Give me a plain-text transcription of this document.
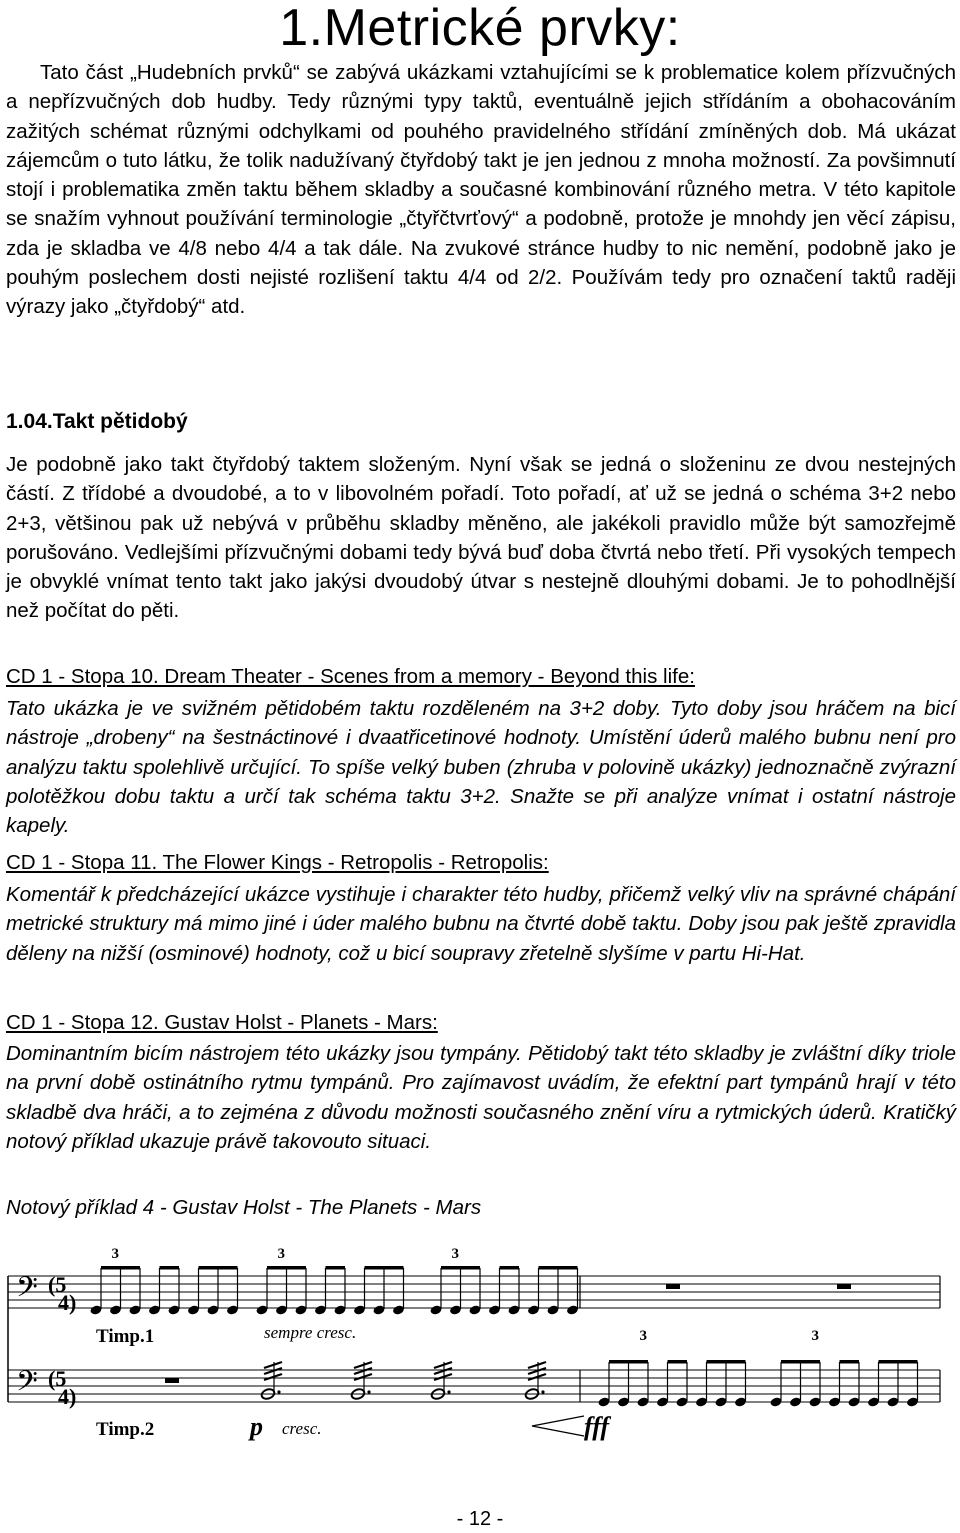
1.Metrické prvky:

Tato část „Hudebních prvků“ se zabývá ukázkami vztahujícími se k problematice kolem přízvučných a nepřízvučných dob hudby. Tedy různými typy taktů, eventuálně jejich střídáním a obohacováním zažitých schémat různými odchylkami od pouhého pravidelného střídání zmíněných dob. Má ukázat zájemcům o tuto látku, že tolik nadužívaný čtyřdobý takt je jen jednou z mnoha možností. Za povšimnutí stojí i problematika změn taktu během skladby a současné kombinování různého metra. V této kapitole se snažím vyhnout používání terminologie „čtyřčtvrťový“ a podobně, protože je mnohdy jen věcí zápisu, zda je skladba ve 4/8 nebo 4/4 a tak dále. Na zvukové stránce hudby to nic nemění, podobně jako je pouhým poslechem dosti nejisté rozlišení taktu 4/4 od 2/2. Používám tedy pro označení taktů raději výrazy jako „čtyřdobý“ atd.

1.04.Takt pětidobý

Je podobně jako takt čtyřdobý taktem složeným. Nyní však se jedná o složeninu ze dvou nestejných částí. Z třídobé a dvoudobé, a to v libovolném pořadí. Toto pořadí, ať už se jedná o schéma 3+2 nebo 2+3, většinou pak už nebývá v průběhu skladby měněno, ale jakékoli pravidlo může být samozřejmě porušováno. Vedlejšími přízvučnými dobami tedy bývá buď doba čtvrtá nebo třetí. Při vysokých tempech je obvyklé vnímat tento takt jako jakýsi dvoudobý útvar s nestejně dlouhými dobami. Je to pohodlnější než počítat do pěti.

CD 1 - Stopa 10. Dream Theater - Scenes from a memory - Beyond this life:

Tato ukázka je ve svižném pětidobém taktu rozděleném na 3+2 doby. Tyto doby jsou hráčem na bicí nástroje „drobeny“ na šestnáctinové i dvaatřicetinové hodnoty. Umístění úderů malého bubnu není pro analýzu taktu spolehlivě určující. To spíše velký buben (zhruba v polovině ukázky) jednoznačně zvýrazní polotěžkou dobu taktu a určí tak schéma taktu 3+2. Snažte se při analýze vnímat i ostatní nástroje kapely.

CD 1 - Stopa 11. The Flower Kings - Retropolis - Retropolis:

Komentář k předcházející ukázce vystihuje i charakter této hudby, přičemž velký vliv na správné chápání metrické struktury má mimo jiné i úder malého bubnu na čtvrté době taktu. Doby jsou pak ještě zpravidla děleny na nižší (osminové) hodnoty, což u bicí soupravy zřetelně slyšíme v partu Hi-Hat.

CD 1 - Stopa 12. Gustav Holst - Planets - Mars:

Dominantním bicím nástrojem této ukázky jsou tympány. Pětidobý takt této skladby je zvláštní díky triole na první době ostinátního rytmu tympánů. Pro zajímavost uvádím, že efektní part tympánů hrají v této skladbě dva hráči, a to zejména z důvodu možnosti současného znění víru a rytmických úderů. Kratičký notový příklad ukazuje právě takovouto situaci.

Notový příklad 4 - Gustav Holst - The Planets - Mars

𝄢
𝄢
(5
4)
(5
4)
Timp.1
Timp.2
sempre cresc.
p cresc.	fff
3	3	3
3	3
- 12 -
